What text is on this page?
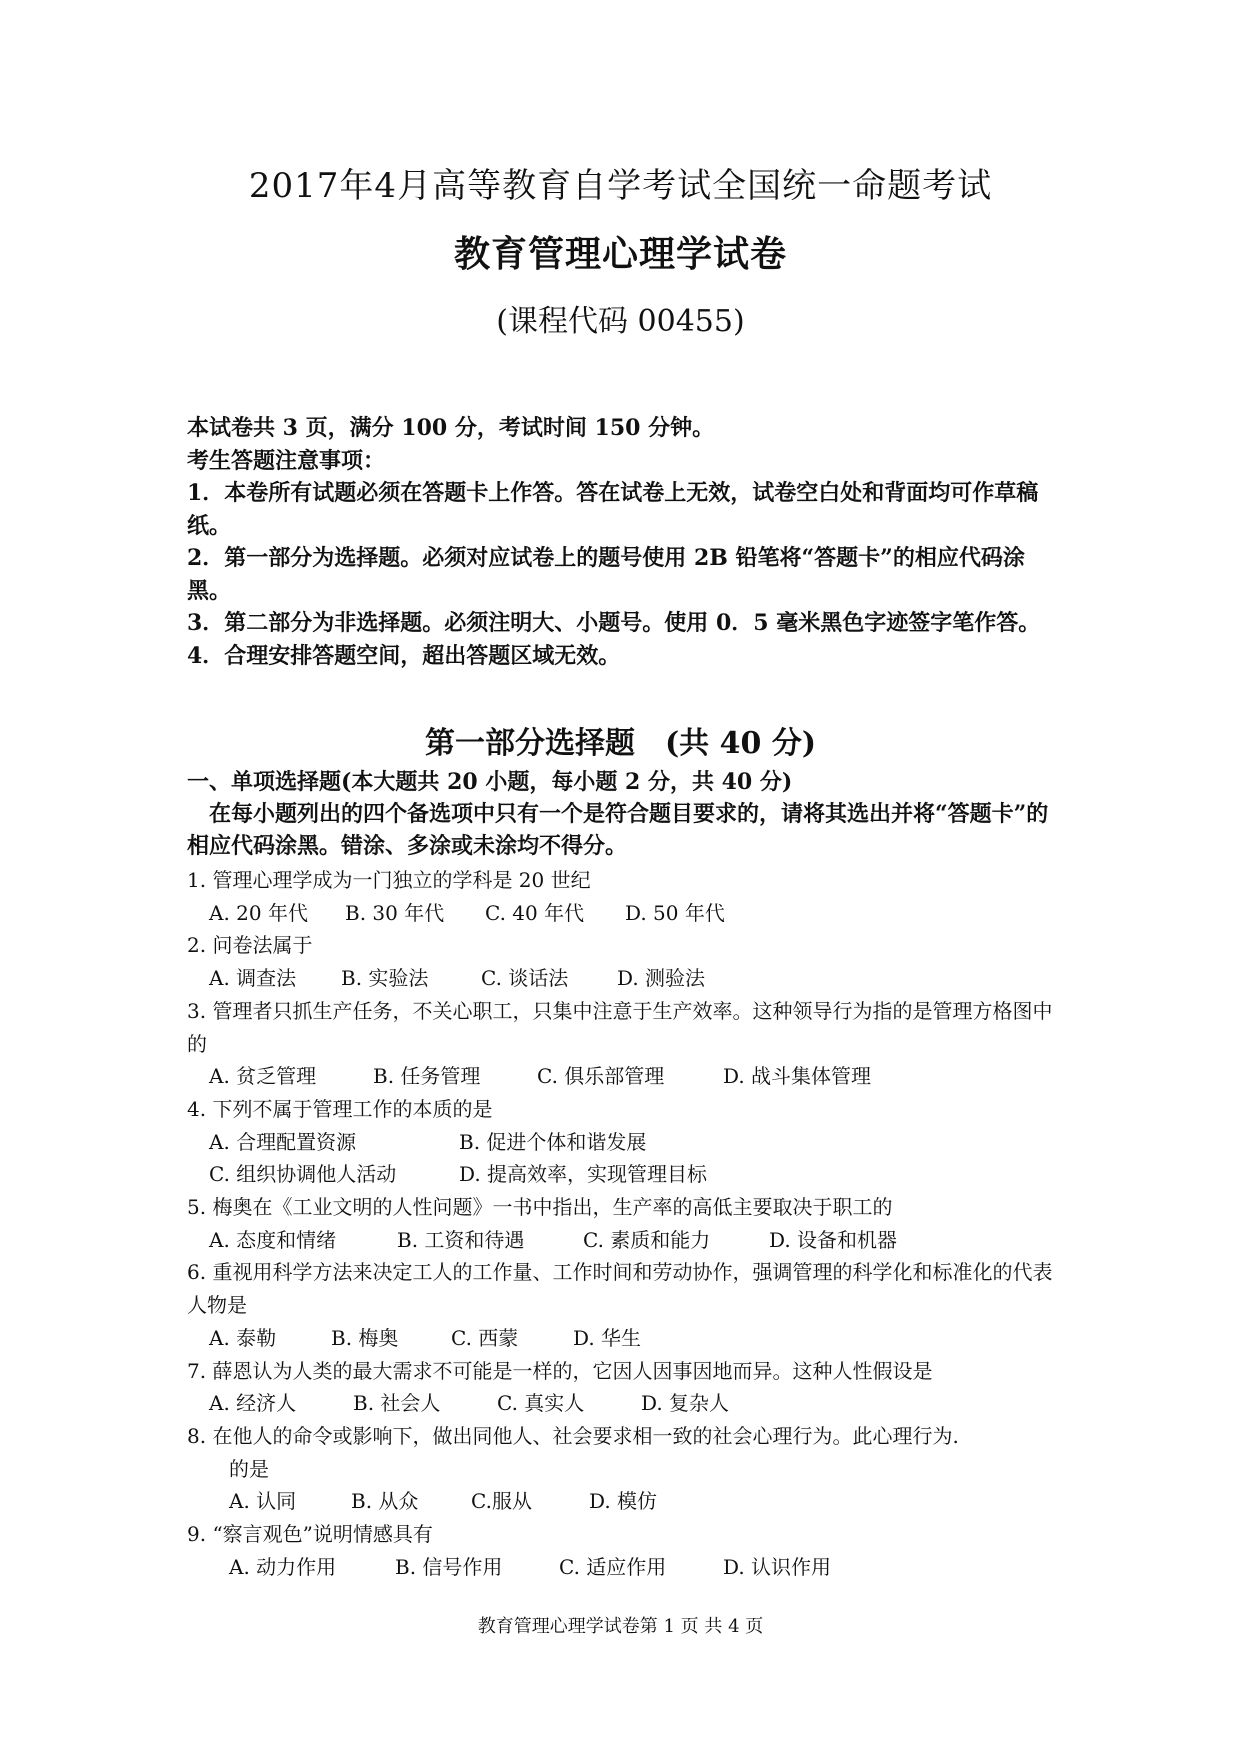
2017年4月高等教育自学考试全国统一命题考试
教育管理心理学试卷
(课程代码 00455)

本试卷共 3 页，满分 100 分，考试时间 150 分钟。

考生答题注意事项：

1．本卷所有试题必须在答题卡上作答。答在试卷上无效，试卷空白处和背面均可作草稿纸。

2．第一部分为选择题。必须对应试卷上的题号使用 2B 铅笔将“答题卡”的相应代码涂黑。

3．第二部分为非选择题。必须注明大、小题号。使用 0．5 毫米黑色字迹签字笔作答。

4．合理安排答题空间，超出答题区域无效。

第一部分选择题　(共 40 分)

一、单项选择题(本大题共 20 小题，每小题 2 分，共 40 分)

在每小题列出的四个备选项中只有一个是符合题目要求的，请将其选出并将“答题卡”的相应代码涂黑。错涂、多涂或未涂均不得分。

1. 管理心理学成为一门独立的学科是 20 世纪

A. 20 年代 B. 30 年代 C. 40 年代 D. 50 年代

2. 问卷法属于

A. 调查法 B. 实验法	C. 谈话法 D. 测验法

3. 管理者只抓生产任务，不关心职工，只集中注意于生产效率。这种领导行为指的是管理方格图中的

A. 贫乏管理	B. 任务管理	C. 俱乐部管理	D. 战斗集体管理

4. 下列不属于管理工作的本质的是

A. 合理配置资源	B. 促进个体和谐发展

C. 组织协调他人活动	D. 提高效率，实现管理目标

5. 梅奥在《工业文明的人性问题》一书中指出，生产率的高低主要取决于职工的

A. 态度和情绪	B. 工资和待遇	C. 素质和能力	D. 设备和机器

6. 重视用科学方法来决定工人的工作量、工作时间和劳动协作，强调管理的科学化和标准化的代表人物是

A. 泰勒	B. 梅奥	C. 西蒙	D. 华生

7. 薛恩认为人类的最大需求不可能是一样的，它因人因事因地而异。这种人性假设是

A. 经济人	B. 社会人	C. 真实人	D. 复杂人

8. 在他人的命令或影响下，做出同他人、社会要求相一致的社会心理行为。此心理行为.

的是

A. 认同	B. 从众	C.服从	D. 模仿

9. “察言观色”说明情感具有

A. 动力作用	B. 信号作用	C. 适应作用	D. 认识作用

教育管理心理学试卷第 1 页 共 4 页
